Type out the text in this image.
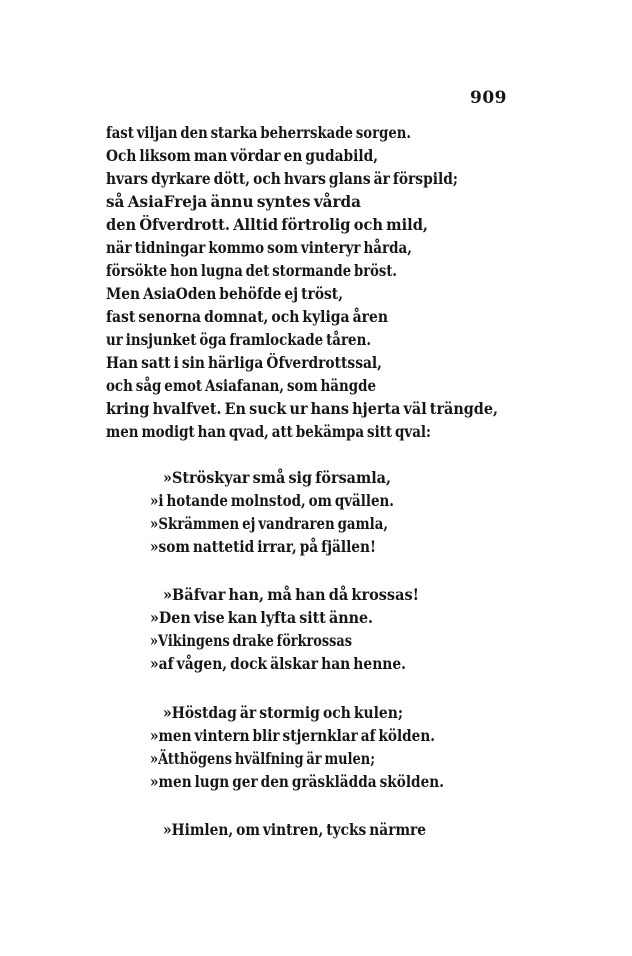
909
fast viljan den starka beherrskade sorgen.
Och liksom man vördar en gudabild,
hvars dyrkare dött, och hvars glans är förspild;
så AsiaFreja ännu syntes vårda
den Öfverdrott. Alltid förtrolig och mild,
när tidningar kommo som vinteryr hårda,
försökte hon lugna det stormande bröst.
Men AsiaOden behöfde ej tröst,
fast senorna domnat, och kyliga åren
ur insjunket öga framlockade tåren.
Han satt i sin härliga Öfverdrottssal,
och såg emot Asiafanan, som hängde
kring hvalfvet. En suck ur hans hjerta väl trängde,
men modigt han qvad, att bekämpa sitt qval:
»Ströskyar små sig församla,
»i hotande molnstod, om qvällen.
»Skrämmen ej vandraren gamla,
»som nattetid irrar, på fjällen!
»Bäfvar han, må han då krossas!
»Den vise kan lyfta sitt änne.
»Vikingens drake förkrossas
»af vågen, dock älskar han henne.
»Höstdag är stormig och kulen;
»men vintern blir stjernklar af kölden.
»Ätthögens hvälfning är mulen;
»men lugn ger den gräsklädda skölden.
»Himlen, om vintren, tycks närmre
